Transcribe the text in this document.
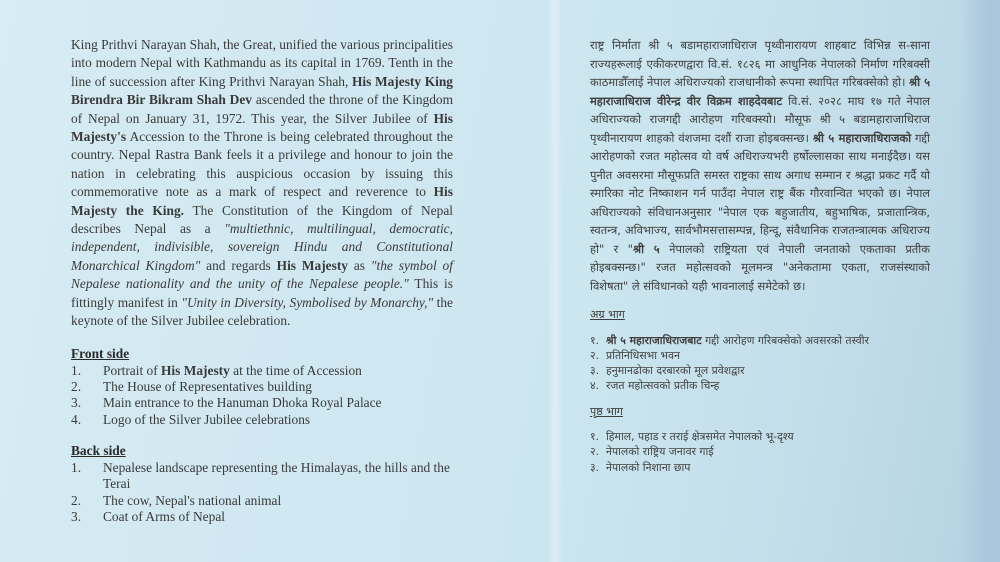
King Prithvi Narayan Shah, the Great, unified the various principalities into modern Nepal with Kathmandu as its capital in 1769. Tenth in the line of succession after King Prithvi Narayan Shah, His Majesty King Birendra Bir Bikram Shah Dev ascended the throne of the Kingdom of Nepal on January 31, 1972. This year, the Silver Jubilee of His Majesty's Accession to the Throne is being celebrated throughout the country. Nepal Rastra Bank feels it a privilege and honour to join the nation in celebrating this auspicious occasion by issuing this commemorative note as a mark of respect and reverence to His Majesty the King. The Constitution of the Kingdom of Nepal describes Nepal as a "multiethnic, multilingual, democratic, independent, indivisible, sovereign Hindu and Constitutional Monarchical Kingdom" and regards His Majesty as "the symbol of Nepalese nationality and the unity of the Nepalese people." This is fittingly manifest in "Unity in Diversity, Symbolised by Monarchy," the keynote of the Silver Jubilee celebration.

Front side
1.	Portrait of His Majesty at the time of Accession
2.	The House of Representatives building
3.	Main entrance to the Hanuman Dhoka Royal Palace
4.	Logo of the Silver Jubilee celebrations
Back side
1.	Nepalese landscape representing the Himalayas, the hills and the Terai
2.	The cow, Nepal's national animal
3.	Coat of Arms of Nepal

राष्ट्र निर्माता श्री ५ बडामहाराजाधिराज पृथ्वीनारायण शाहबाट विभिन्न स-साना राज्यहरूलाई एकीकरणद्वारा वि.सं. १८२६ मा आधुनिक नेपालको निर्माण गरिबक्सी काठमाडौँलाई नेपाल अधिराज्यको राजधानीको रूपमा स्थापित गरिबक्सेको हो। श्री ५ महाराजाधिराज वीरेन्द्र वीर विक्रम शाहदेवबाट वि.सं. २०२८ माघ १७ गते नेपाल अधिराज्यको राजगद्दी आरोहण गरिबक्स्यो। मौसूफ श्री ५ बडामहाराजाधिराज पृथ्वीनारायण शाहको वंशजमा दशौं राजा होइबक्सन्छ। श्री ५ महाराजाधिराजको गद्दी आरोहणको रजत महोत्सव यो वर्ष अधिराज्यभरी हर्षोल्लासका साथ मनाईदैछ। यस पुनीत अवसरमा मौसूफप्रति समस्त राष्ट्रका साथ अगाध सम्मान र श्रद्धा प्रकट गर्दै यो स्मारिका नोट निष्काशन गर्न पाउँदा नेपाल राष्ट्र बैंक गौरवान्वित भएको छ। नेपाल अधिराज्यको संविधानअनुसार "नेपाल एक बहुजातीय, बहुभाषिक, प्रजातान्त्रिक, स्वतन्त्र, अविभाज्य, सार्वभौमसत्तासम्पन्न, हिन्दू, संवैधानिक राजतन्त्रात्मक अधिराज्य हो" र "श्री ५ नेपालको राष्ट्रियता एवं नेपाली जनताको एकताका प्रतीक होइबक्सन्छ।" रजत महोत्सवको मूलमन्त्र "अनेकतामा एकता, राजसंस्थाको विशेषता" ले संविधानको यही भावनालाई समेटेको छ।

अग्र भाग
१. श्री ५ महाराजाधिराजबाट गद्दी आरोहण गरिबक्सेको अवसरको तस्वीर
२. प्रतिनिधिसभा भवन
३. हनुमानढोका दरबारको मूल प्रवेशद्वार
४. रजत महोत्सवको प्रतीक चिन्ह
पृष्ठ भाग
१. हिमाल, पहाड र तराई क्षेत्रसमेत नेपालको भू-दृश्य
२. नेपालको राष्ट्रिय जनावर गाई
३. नेपालको निशाना छाप
